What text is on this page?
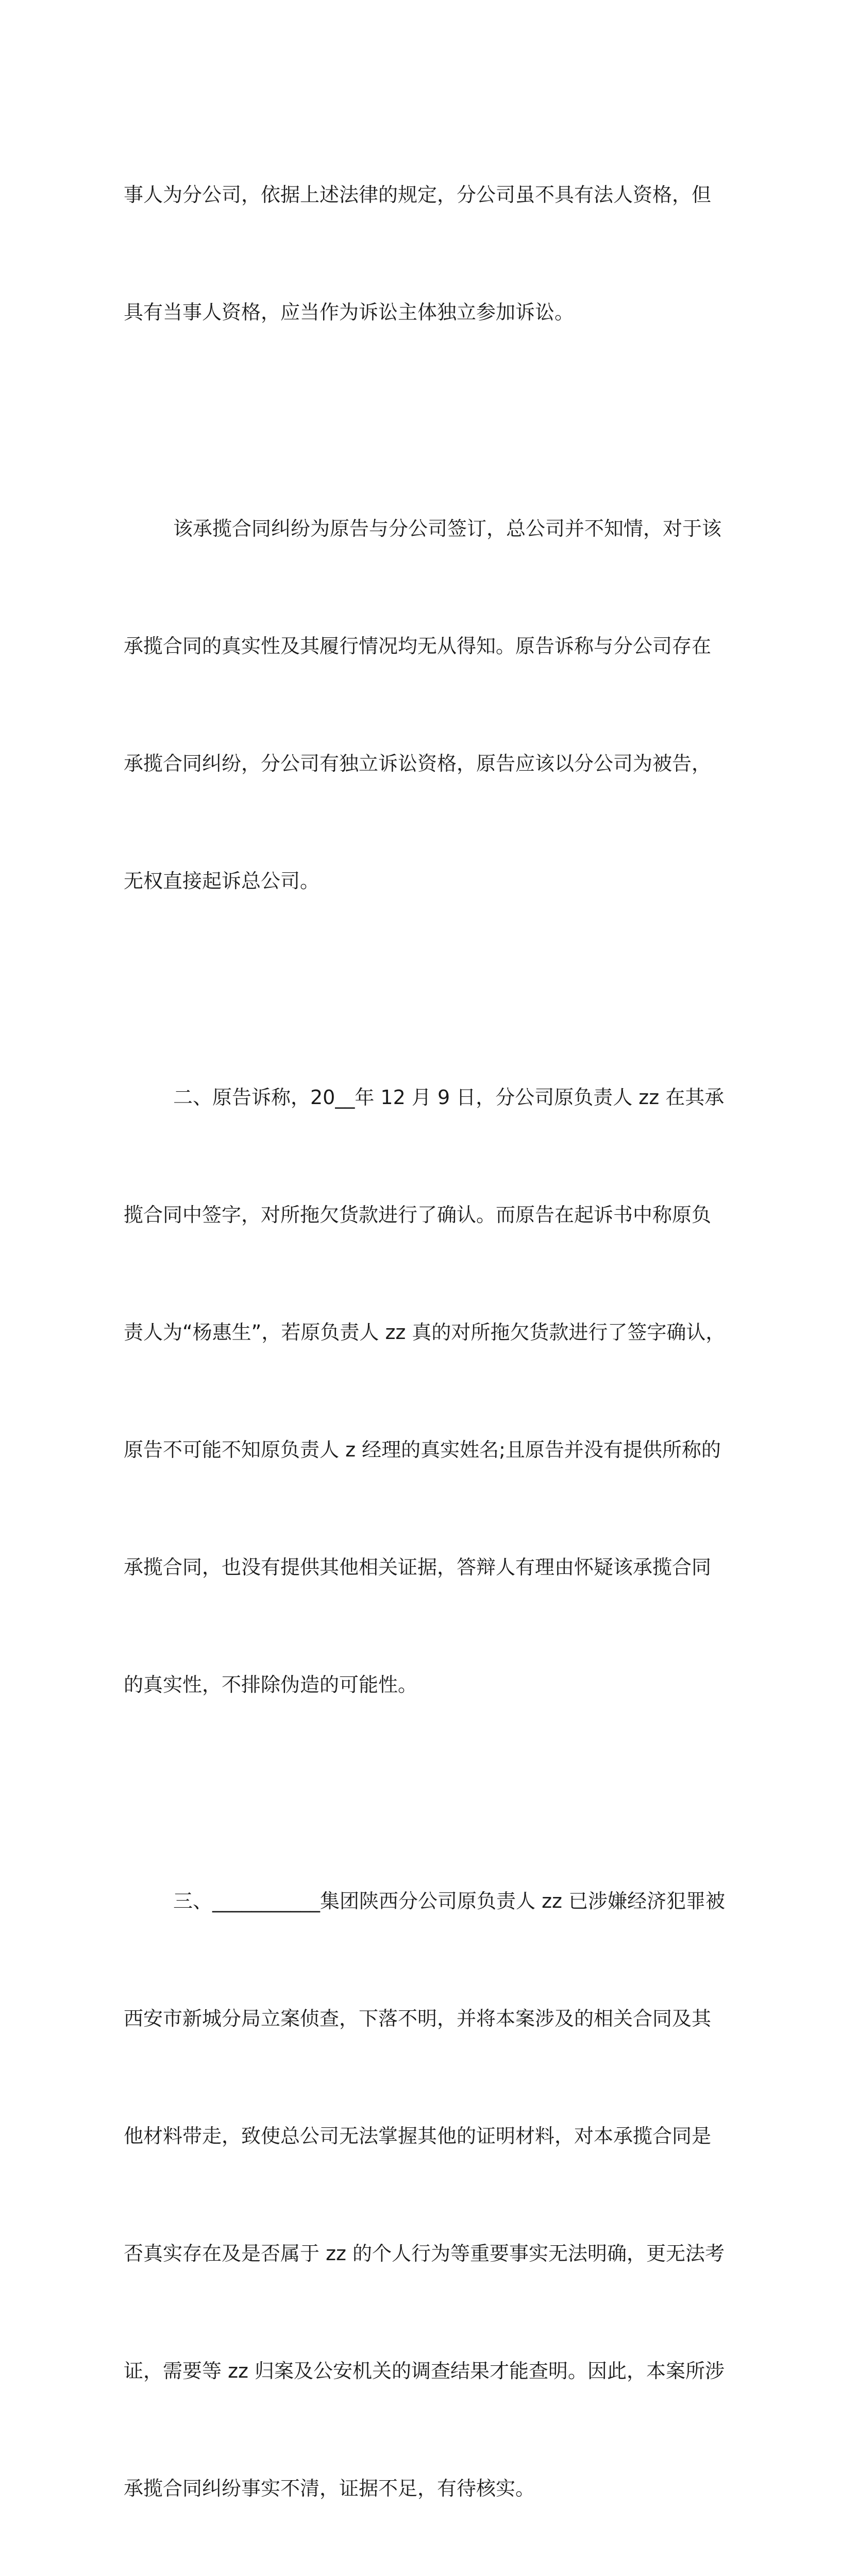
事人为分公司，依据上述法律的规定，分公司虽不具有法人资格，但

具有当事人资格，应当作为诉讼主体独立参加诉讼。

该承揽合同纠纷为原告与分公司签订，总公司并不知情，对于该

承揽合同的真实性及其履行情况均无从得知。原告诉称与分公司存在

承揽合同纠纷，分公司有独立诉讼资格，原告应该以分公司为被告，

无权直接起诉总公司。

二、原告诉称，20__年 12 月 9 日，分公司原负责人 zz 在其承

揽合同中签字，对所拖欠货款进行了确认。而原告在起诉书中称原负

责人为“杨惠生”，若原负责人 zz 真的对所拖欠货款进行了签字确认，

原告不可能不知原负责人 z 经理的真实姓名;且原告并没有提供所称的

承揽合同，也没有提供其他相关证据，答辩人有理由怀疑该承揽合同

的真实性，不排除伪造的可能性。

三、___________集团陕西分公司原负责人 zz 已涉嫌经济犯罪被

西安市新城分局立案侦查，下落不明，并将本案涉及的相关合同及其

他材料带走，致使总公司无法掌握其他的证明材料，对本承揽合同是

否真实存在及是否属于 zz 的个人行为等重要事实无法明确，更无法考

证，需要等 zz 归案及公安机关的调查结果才能查明。因此，本案所涉

承揽合同纠纷事实不清，证据不足，有待核实。
